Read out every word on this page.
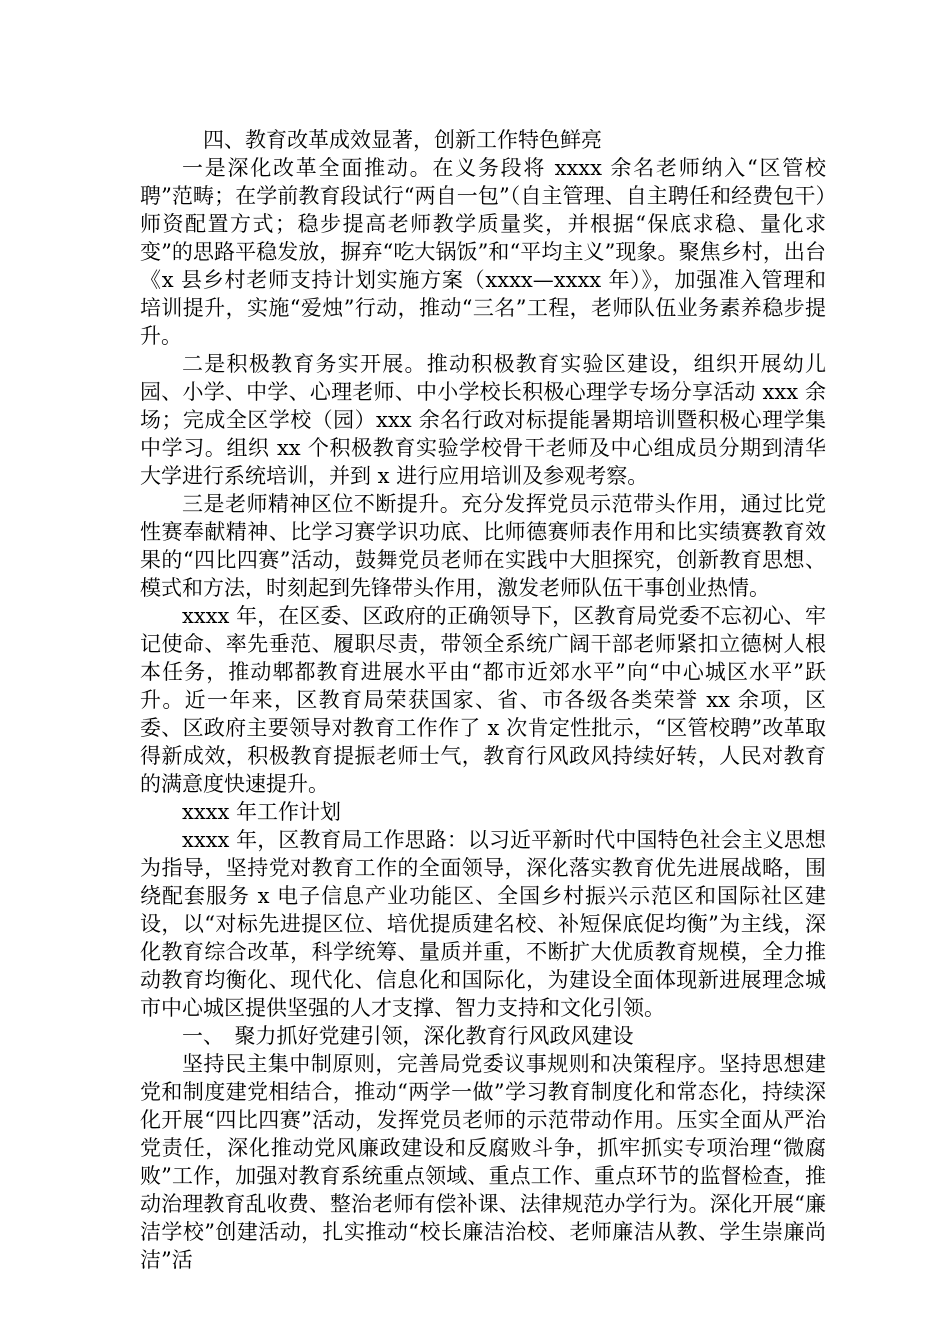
四、教育改革成效显著，创新工作特色鲜亮

一是深化改革全面推动。在义务段将 xxxx 余名老师纳入“区管校聘”范畴；在学前教育段试行“两自一包”（自主管理、自主聘任和经费包干）师资配置方式；稳步提高老师教学质量奖，并根据“保底求稳、量化求变”的思路平稳发放，摒弃“吃大锅饭”和“平均主义”现象。聚焦乡村，出台《x 县乡村老师支持计划实施方案（xxxx—xxxx 年）》，加强准入管理和培训提升，实施“爱烛”行动，推动“三名”工程，老师队伍业务素养稳步提升。

二是积极教育务实开展。推动积极教育实验区建设，组织开展幼儿园、小学、中学、心理老师、中小学校长积极心理学专场分享活动 xxx 余场；完成全区学校（园）xxx 余名行政对标提能暑期培训暨积极心理学集中学习。组织 xx 个积极教育实验学校骨干老师及中心组成员分期到清华大学进行系统培训，并到 x 进行应用培训及参观考察。

三是老师精神区位不断提升。充分发挥党员示范带头作用，通过比党性赛奉献精神、比学习赛学识功底、比师德赛师表作用和比实绩赛教育效果的“四比四赛”活动，鼓舞党员老师在实践中大胆探究，创新教育思想、模式和方法，时刻起到先锋带头作用，激发老师队伍干事创业热情。

xxxx 年，在区委、区政府的正确领导下，区教育局党委不忘初心、牢记使命、率先垂范、履职尽责，带领全系统广阔干部老师紧扣立德树人根本任务，推动郫都教育进展水平由“都市近郊水平”向“中心城区水平”跃升。近一年来，区教育局荣获国家、省、市各级各类荣誉 xx 余项，区委、区政府主要领导对教育工作作了 x 次肯定性批示，“区管校聘”改革取得新成效，积极教育提振老师士气，教育行风政风持续好转，人民对教育的满意度快速提升。

xxxx 年工作计划

xxxx 年，区教育局工作思路：以习近平新时代中国特色社会主义思想为指导，坚持党对教育工作的全面领导，深化落实教育优先进展战略，围绕配套服务 x 电子信息产业功能区、全国乡村振兴示范区和国际社区建设，以“对标先进提区位、培优提质建名校、补短保底促均衡”为主线，深化教育综合改革，科学统筹、量质并重，不断扩大优质教育规模，全力推动教育均衡化、现代化、信息化和国际化，为建设全面体现新进展理念城市中心城区提供坚强的人才支撑、智力支持和文化引领。

一、　聚力抓好党建引领，深化教育行风政风建设

坚持民主集中制原则，完善局党委议事规则和决策程序。坚持思想建党和制度建党相结合，推动“两学一做”学习教育制度化和常态化，持续深化开展“四比四赛”活动，发挥党员老师的示范带动作用。压实全面从严治党责任，深化推动党风廉政建设和反腐败斗争，抓牢抓实专项治理“微腐败”工作，加强对教育系统重点领域、重点工作、重点环节的监督检查，推动治理教育乱收费、整治老师有偿补课、法律规范办学行为。深化开展“廉洁学校”创建活动，扎实推动“校长廉洁治校、老师廉洁从教、学生崇廉尚洁”活
